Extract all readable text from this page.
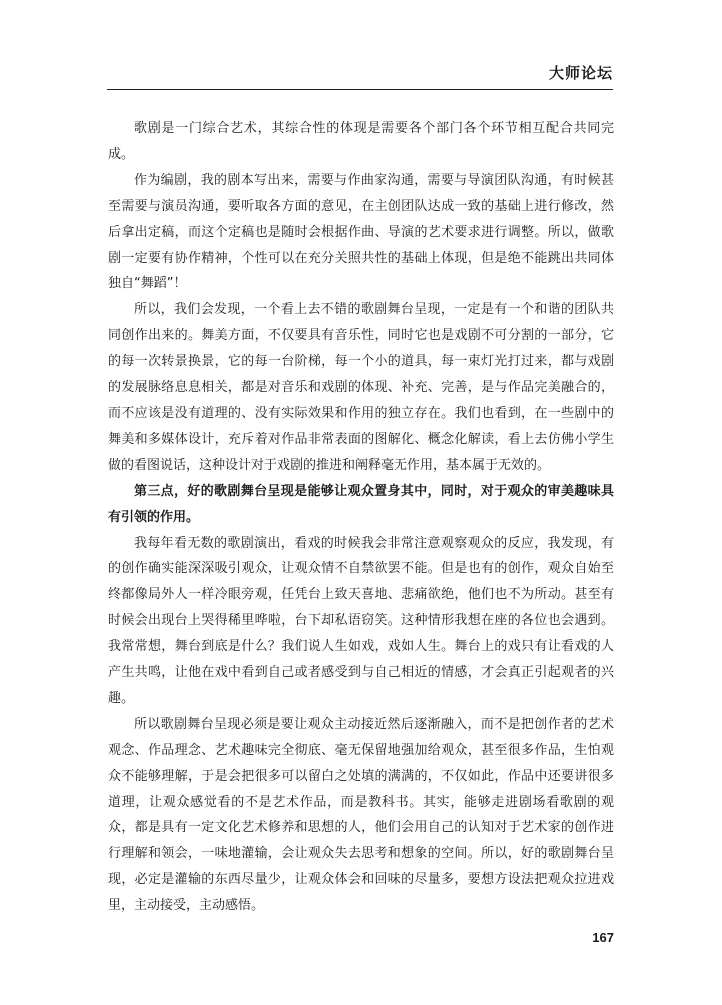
大师论坛

歌剧是一门综合艺术，其综合性的体现是需要各个部门各个环节相互配合共同完成。

作为编剧，我的剧本写出来，需要与作曲家沟通，需要与导演团队沟通，有时候甚至需要与演员沟通，要听取各方面的意见，在主创团队达成一致的基础上进行修改，然后拿出定稿，而这个定稿也是随时会根据作曲、导演的艺术要求进行调整。所以，做歌剧一定要有协作精神，个性可以在充分关照共性的基础上体现，但是绝不能跳出共同体独自“舞蹈”！

所以，我们会发现，一个看上去不错的歌剧舞台呈现，一定是有一个和谐的团队共同创作出来的。舞美方面，不仅要具有音乐性，同时它也是戏剧不可分割的一部分，它的每一次转景换景，它的每一台阶梯，每一个小的道具，每一束灯光打过来，都与戏剧的发展脉络息息相关，都是对音乐和戏剧的体现、补充、完善，是与作品完美融合的，而不应该是没有道理的、没有实际效果和作用的独立存在。我们也看到，在一些剧中的舞美和多媒体设计，充斥着对作品非常表面的图解化、概念化解读，看上去仿佛小学生做的看图说话，这种设计对于戏剧的推进和阐释毫无作用，基本属于无效的。

第三点，好的歌剧舞台呈现是能够让观众置身其中，同时，对于观众的审美趣味具有引领的作用。

我每年看无数的歌剧演出，看戏的时候我会非常注意观察观众的反应，我发现，有的创作确实能深深吸引观众，让观众情不自禁欲罢不能。但是也有的创作，观众自始至终都像局外人一样冷眼旁观，任凭台上致天喜地、悲痛欲绝，他们也不为所动。甚至有时候会出现台上哭得稀里哗啦，台下却私语窃笑。这种情形我想在座的各位也会遇到。我常常想，舞台到底是什么？我们说人生如戏，戏如人生。舞台上的戏只有让看戏的人产生共鸣，让他在戏中看到自己或者感受到与自己相近的情感，才会真正引起观者的兴趣。

所以歌剧舞台呈现必须是要让观众主动接近然后逐渐融入，而不是把创作者的艺术观念、作品理念、艺术趣味完全彻底、毫无保留地强加给观众，甚至很多作品，生怕观众不能够理解，于是会把很多可以留白之处填的满满的，不仅如此，作品中还要讲很多道理，让观众感觉看的不是艺术作品，而是教科书。其实，能够走进剧场看歌剧的观众，都是具有一定文化艺术修养和思想的人，他们会用自己的认知对于艺术家的创作进行理解和领会，一味地灌输，会让观众失去思考和想象的空间。所以，好的歌剧舞台呈现，必定是灌输的东西尽量少，让观众体会和回味的尽量多，要想方设法把观众拉进戏里，主动接受，主动感悟。

167
